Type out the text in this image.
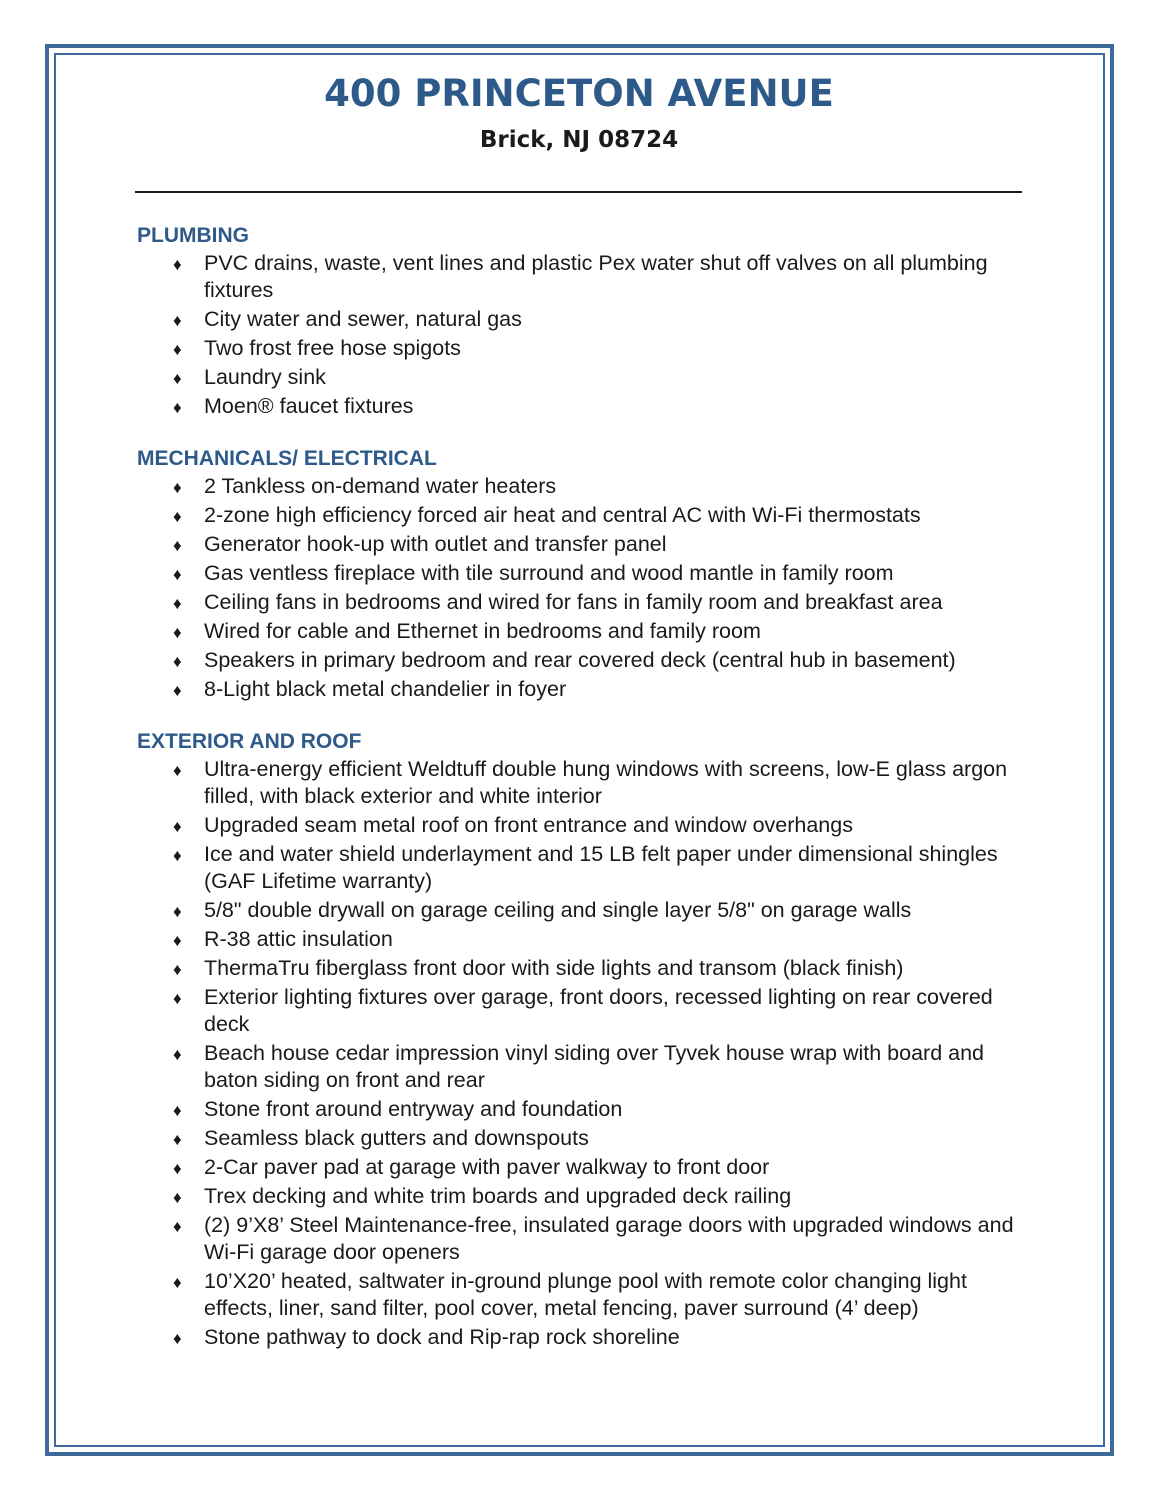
400 PRINCETON AVENUE
Brick, NJ 08724
PLUMBING
♦ PVC drains, waste, vent lines and plastic Pex water shut off valves on all plumbing fixtures
♦ City water and sewer, natural gas
♦ Two frost free hose spigots
♦ Laundry sink
♦ Moen® faucet fixtures
MECHANICALS/ ELECTRICAL
♦ 2 Tankless on-demand water heaters
♦ 2-zone high efficiency forced air heat and central AC with Wi-Fi thermostats
♦ Generator hook-up with outlet and transfer panel
♦ Gas ventless fireplace with tile surround and wood mantle in family room
♦ Ceiling fans in bedrooms and wired for fans in family room and breakfast area
♦ Wired for cable and Ethernet in bedrooms and family room
♦ Speakers in primary bedroom and rear covered deck (central hub in basement)
♦ 8-Light black metal chandelier in foyer
EXTERIOR AND ROOF
♦ Ultra-energy efficient Weldtuff double hung windows with screens, low-E glass argon filled, with black exterior and white interior
♦ Upgraded seam metal roof on front entrance and window overhangs
♦ Ice and water shield underlayment and 15 LB felt paper under dimensional shingles (GAF Lifetime warranty)
♦ 5/8" double drywall on garage ceiling and single layer 5/8" on garage walls
♦ R-38 attic insulation
♦ ThermaTru fiberglass front door with side lights and transom (black finish)
♦ Exterior lighting fixtures over garage, front doors, recessed lighting on rear covered deck
♦ Beach house cedar impression vinyl siding over Tyvek house wrap with board and baton siding on front and rear
♦ Stone front around entryway and foundation
♦ Seamless black gutters and downspouts
♦ 2-Car paver pad at garage with paver walkway to front door
♦ Trex decking and white trim boards and upgraded deck railing
♦ (2) 9’X8’ Steel Maintenance-free, insulated garage doors with upgraded windows and Wi-Fi garage door openers
♦ 10’X20’ heated, saltwater in-ground plunge pool with remote color changing light effects, liner, sand filter, pool cover, metal fencing, paver surround (4’ deep)
♦ Stone pathway to dock and Rip-rap rock shoreline
